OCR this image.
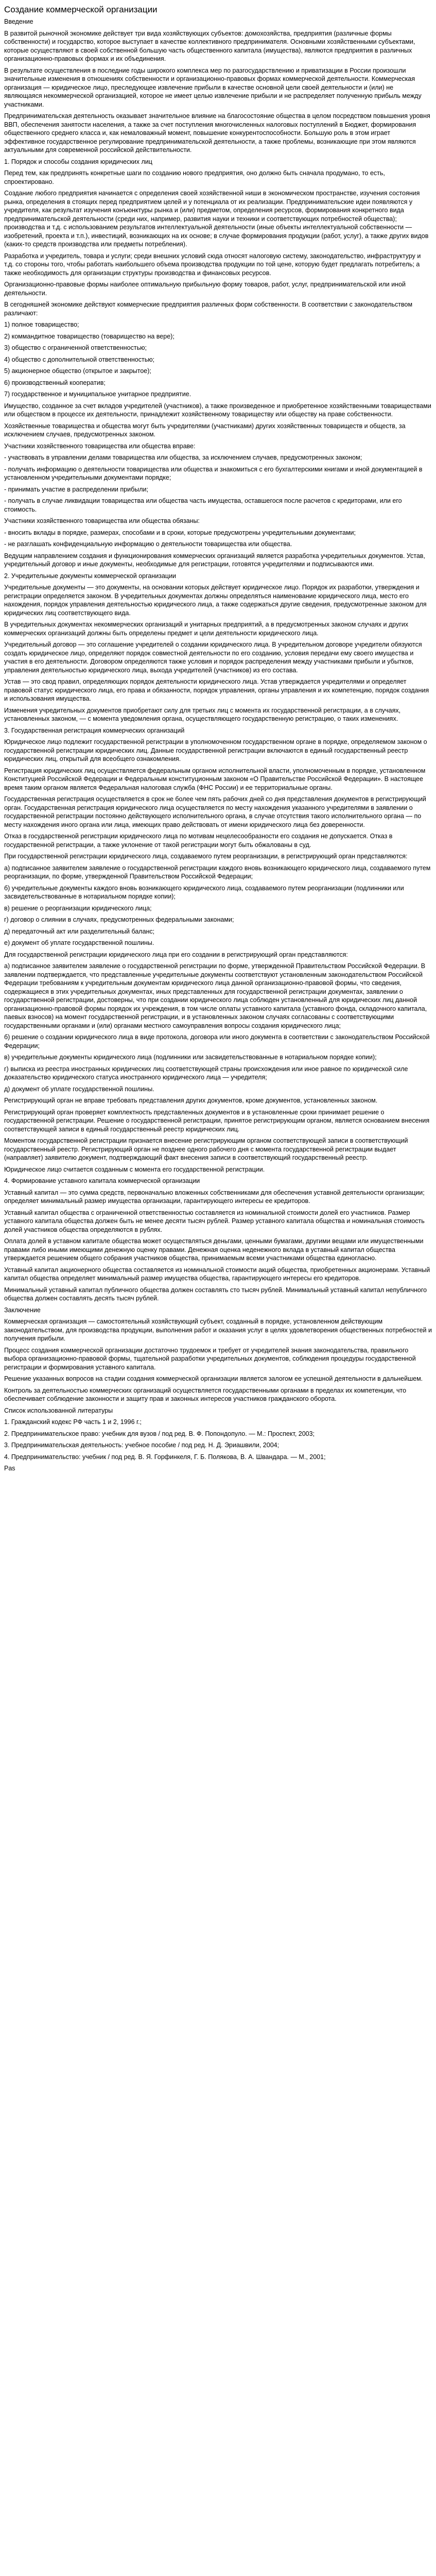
Создание коммерческой организации

Введение

В развитой рыночной экономике действует три вида хозяйствующих субъектов: домохозяйства, предприятия (различные формы собственности) и государство, которое выступает в качестве коллективного предпринимателя. Основными хозяйственными субъектами, которые осуществляют в своей собственной большую часть общественного капитала (имущества), являются предприятия в различных организационно-правовых формах и их объединения.

В результате осуществления в последние годы широкого комплекса мер по разгосударствлению и приватизации в России произошли значительные изменения в отношениях собственности и организационно-правовых формах коммерческой деятельности. Коммерческая организация — юридическое лицо, преследующее извлечение прибыли в качестве основной цели своей деятельности и (или) не являющаяся некоммерческой организацией, которое не имеет целью извлечение прибыли и не распределяет полученную прибыль между участниками.

Предпринимательская деятельность оказывает значительное влияние на благосостояние общества в целом посредством повышения уровня ВВП, обеспечения занятости населения, а также за счет поступления многочисленных налоговых поступлений в Бюджет, формирования общественного среднего класса и, как немаловажный момент, повышение конкурентоспособности. Большую роль в этом играет эффективное государственное регулирование предпринимательской деятельности, а также проблемы, возникающие при этом являются актуальными для современной российской действительности.

1. Порядок и способы создания юридических лиц

Перед тем, как предпринять конкретные шаги по созданию нового предприятия, оно должно быть сначала продумано, то есть, спроектировано.

Создание любого предприятия начинается с определения своей хозяйственной ниши в экономическом пространстве, изучения состояния рынка, определения в стоящих перед предприятием целей и у потенциала от их реализации. Предпринимательские идеи появляются у учредителя, как результат изучения конъюнктуры рынка и (или) предметом, определения ресурсов, формирования конкретного вида предпринимательской деятельности (среди них, например, развития науки и техники и соответствующих потребностей общества); производства и т.д. с использованием результатов интеллектуальной деятельности (иные объекты интеллектуальной собственности — изобретений, проекта и т.п.), инвестиций, возникающих на их основе; в случае формирования продукции (работ, услуг), а также других видов (каких-то средств производства или предметы потребления).

Разработка и учредитель, товара и услуги; среди внешних условий сюда относят налоговую систему, законодательство, инфраструктуру и т.д. со стороны того, чтобы работать наибольшего объема производства продукции по той цене, которую будет предлагать потребитель; а также необходимость для организации структуры производства и финансовых ресурсов.

Организационно-правовые формы наиболее оптимальную прибыльную форму товаров, работ, услуг, предпринимательской или иной деятельности.

В сегодняшней экономике действуют коммерческие предприятия различных форм собственности. В соответствии с законодательством различают:

1) полное товарищество;

2) коммандитное товарищество (товарищество на вере);

3) общество с ограниченной ответственностью;

4) общество с дополнительной ответственностью;

5) акционерное общество (открытое и закрытое);

6) производственный кооператив;

7) государственное и муниципальное унитарное предприятие.

Имущество, созданное за счет вкладов учредителей (участников), а также произведенное и приобретенное хозяйственными товариществами или обществом в процессе их деятельности, принадлежит хозяйственному товариществу или обществу на праве собственности.

Хозяйственные товарищества и общества могут быть учредителями (участниками) других хозяйственных товариществ и обществ, за исключением случаев, предусмотренных законом.

Участники хозяйственного товарищества или общества вправе:

- участвовать в управлении делами товарищества или общества, за исключением случаев, предусмотренных законом;

- получать информацию о деятельности товарищества или общества и знакомиться с его бухгалтерскими книгами и иной документацией в установленном учредительными документами порядке;

- принимать участие в распределении прибыли;

- получать в случае ликвидации товарищества или общества часть имущества, оставшегося после расчетов с кредиторами, или его стоимость.

Участники хозяйственного товарищества или общества обязаны:

- вносить вклады в порядке, размерах, способами и в сроки, которые предусмотрены учредительными документами;

- не разглашать конфиденциальную информацию о деятельности товарищества или общества.

Ведущим направлением создания и функционирования коммерческих организаций является разработка учредительных документов. Устав, учредительный договор и иные документы, необходимые для регистрации, готовятся учредителями и подписываются ими.

2. Учредительные документы коммерческой организации

Учредительные документы — это документы, на основании которых действует юридическое лицо. Порядок их разработки, утверждения и регистрации определяется законом. В учредительных документах должны определяться наименование юридического лица, место его нахождения, порядок управления деятельностью юридического лица, а также содержаться другие сведения, предусмотренные законом для юридических лиц соответствующего вида.

В учредительных документах некоммерческих организаций и унитарных предприятий, а в предусмотренных законом случаях и других коммерческих организаций должны быть определены предмет и цели деятельности юридического лица.

Учредительный договор — это соглашение учредителей о создании юридического лица. В учредительном договоре учредители обязуются создать юридическое лицо, определяют порядок совместной деятельности по его созданию, условия передачи ему своего имущества и участия в его деятельности. Договором определяются также условия и порядок распределения между участниками прибыли и убытков, управления деятельностью юридического лица, выхода учредителей (участников) из его состава.

Устав — это свод правил, определяющих порядок деятельности юридического лица. Устав утверждается учредителями и определяет правовой статус юридического лица, его права и обязанности, порядок управления, органы управления и их компетенцию, порядок создания и использования имущества.

Изменения учредительных документов приобретают силу для третьих лиц с момента их государственной регистрации, а в случаях, установленных законом, — с момента уведомления органа, осуществляющего государственную регистрацию, о таких изменениях.

3. Государственная регистрация коммерческих организаций

Юридическое лицо подлежит государственной регистрации в уполномоченном государственном органе в порядке, определяемом законом о государственной регистрации юридических лиц. Данные государственной регистрации включаются в единый государственный реестр юридических лиц, открытый для всеобщего ознакомления.

Регистрация юридических лиц осуществляется федеральным органом исполнительной власти, уполномоченным в порядке, установленном Конституцией Российской Федерации и Федеральным конституционным законом «О Правительстве Российской Федерации». В настоящее время таким органом является Федеральная налоговая служба (ФНС России) и ее территориальные органы.

Государственная регистрация осуществляется в срок не более чем пять рабочих дней со дня представления документов в регистрирующий орган. Государственная регистрация юридического лица осуществляется по месту нахождения указанного учредителями в заявлении о государственной регистрации постоянно действующего исполнительного органа, в случае отсутствия такого исполнительного органа — по месту нахождения иного органа или лица, имеющих право действовать от имени юридического лица без доверенности.

Отказ в государственной регистрации юридического лица по мотивам нецелесообразности его создания не допускается. Отказ в государственной регистрации, а также уклонение от такой регистрации могут быть обжалованы в суд.

При государственной регистрации юридического лица, создаваемого путем реорганизации, в регистрирующий орган представляются:

а) подписанное заявителем заявление о государственной регистрации каждого вновь возникающего юридического лица, создаваемого путем реорганизации, по форме, утвержденной Правительством Российской Федерации;

б) учредительные документы каждого вновь возникающего юридического лица, создаваемого путем реорганизации (подлинники или засвидетельствованные в нотариальном порядке копии);

в) решение о реорганизации юридического лица;

г) договор о слиянии в случаях, предусмотренных федеральными законами;

д) передаточный акт или разделительный баланс;

е) документ об уплате государственной пошлины.

Для государственной регистрации юридического лица при его создании в регистрирующий орган представляются:

а) подписанное заявителем заявление о государственной регистрации по форме, утвержденной Правительством Российской Федерации. В заявлении подтверждается, что представленные учредительные документы соответствуют установленным законодательством Российской Федерации требованиям к учредительным документам юридического лица данной организационно-правовой формы, что сведения, содержащиеся в этих учредительных документах, иных представленных для государственной регистрации документах, заявлении о государственной регистрации, достоверны, что при создании юридического лица соблюден установленный для юридических лиц данной организационно-правовой формы порядок их учреждения, в том числе оплаты уставного капитала (уставного фонда, складочного капитала, паевых взносов) на момент государственной регистрации, и в установленных законом случаях согласованы с соответствующими государственными органами и (или) органами местного самоуправления вопросы создания юридического лица;

б) решение о создании юридического лица в виде протокола, договора или иного документа в соответствии с законодательством Российской Федерации;

в) учредительные документы юридического лица (подлинники или засвидетельствованные в нотариальном порядке копии);

г) выписка из реестра иностранных юридических лиц соответствующей страны происхождения или иное равное по юридической силе доказательство юридического статуса иностранного юридического лица — учредителя;

д) документ об уплате государственной пошлины.

Регистрирующий орган не вправе требовать представления других документов, кроме документов, установленных законом.

Регистрирующий орган проверяет комплектность представленных документов и в установленные сроки принимает решение о государственной регистрации. Решение о государственной регистрации, принятое регистрирующим органом, является основанием внесения соответствующей записи в единый государственный реестр юридических лиц.

Моментом государственной регистрации признается внесение регистрирующим органом соответствующей записи в соответствующий государственный реестр. Регистрирующий орган не позднее одного рабочего дня с момента государственной регистрации выдает (направляет) заявителю документ, подтверждающий факт внесения записи в соответствующий государственный реестр.

Юридическое лицо считается созданным с момента его государственной регистрации.

4. Формирование уставного капитала коммерческой организации

Уставный капитал — это сумма средств, первоначально вложенных собственниками для обеспечения уставной деятельности организации; определяет минимальный размер имущества организации, гарантирующего интересы ее кредиторов.

Уставный капитал общества с ограниченной ответственностью составляется из номинальной стоимости долей его участников. Размер уставного капитала общества должен быть не менее десяти тысяч рублей. Размер уставного капитала общества и номинальная стоимость долей участников общества определяются в рублях.

Оплата долей в уставном капитале общества может осуществляться деньгами, ценными бумагами, другими вещами или имущественными правами либо иными имеющими денежную оценку правами. Денежная оценка неденежного вклада в уставный капитал общества утверждается решением общего собрания участников общества, принимаемым всеми участниками общества единогласно.

Уставный капитал акционерного общества составляется из номинальной стоимости акций общества, приобретенных акционерами. Уставный капитал общества определяет минимальный размер имущества общества, гарантирующего интересы его кредиторов.

Минимальный уставный капитал публичного общества должен составлять сто тысяч рублей. Минимальный уставный капитал непубличного общества должен составлять десять тысяч рублей.

Заключение

Коммерческая организация — самостоятельный хозяйствующий субъект, созданный в порядке, установленном действующим законодательством, для производства продукции, выполнения работ и оказания услуг в целях удовлетворения общественных потребностей и получения прибыли.

Процесс создания коммерческой организации достаточно трудоемок и требует от учредителей знания законодательства, правильного выбора организационно-правовой формы, тщательной разработки учредительных документов, соблюдения процедуры государственной регистрации и формирования уставного капитала.

Решение указанных вопросов на стадии создания коммерческой организации является залогом ее успешной деятельности в дальнейшем.

Контроль за деятельностью коммерческих организаций осуществляется государственными органами в пределах их компетенции, что обеспечивает соблюдение законности и защиту прав и законных интересов участников гражданского оборота.

Список использованной литературы

1. Гражданский кодекс РФ часть 1 и 2, 1996 г.;

2. Предпринимательское право: учебник для вузов / под ред. В. Ф. Попондопуло. — М.: Проспект, 2003;

3. Предпринимательская деятельность: учебное пособие / под ред. Н. Д. Эриашвили, 2004;

4. Предпринимательство: учебник / под ред. В. Я. Горфинкеля, Г. Б. Полякова, В. А. Швандара. — М., 2001;

Pas
